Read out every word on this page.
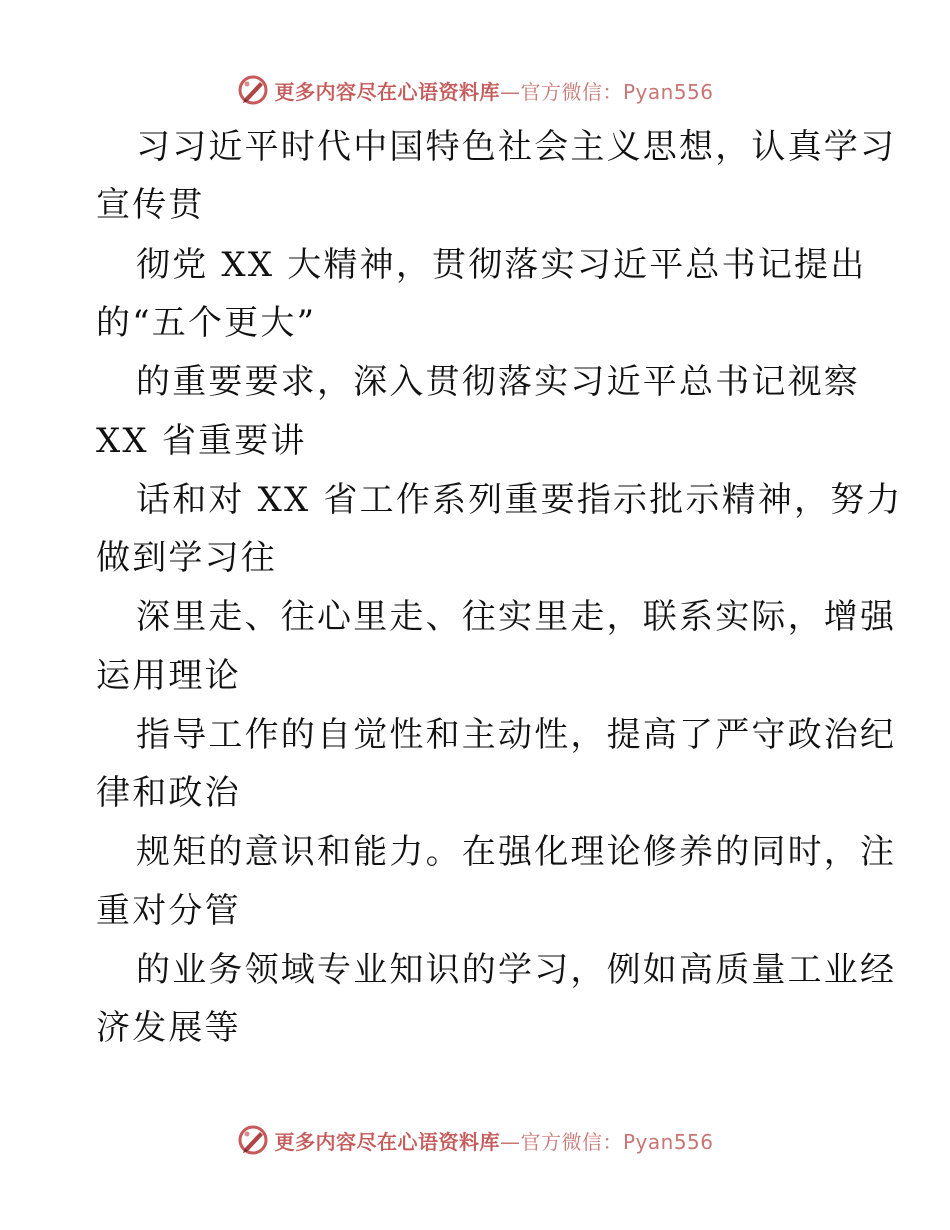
更多内容尽在心语资料库—官方微信：Pyan556
习习近平时代中国特色社会主义思想，认真学习
宣传贯
彻党 XX 大精神，贯彻落实习近平总书记提出
的“五个更大”
的重要要求，深入贯彻落实习近平总书记视察
XX 省重要讲
话和对 XX 省工作系列重要指示批示精神，努力
做到学习往
深里走、往心里走、往实里走，联系实际，增强
运用理论
指导工作的自觉性和主动性，提高了严守政治纪
律和政治
规矩的意识和能力。在强化理论修养的同时，注
重对分管
的业务领域专业知识的学习，例如高质量工业经
济发展等
更多内容尽在心语资料库—官方微信：Pyan556
